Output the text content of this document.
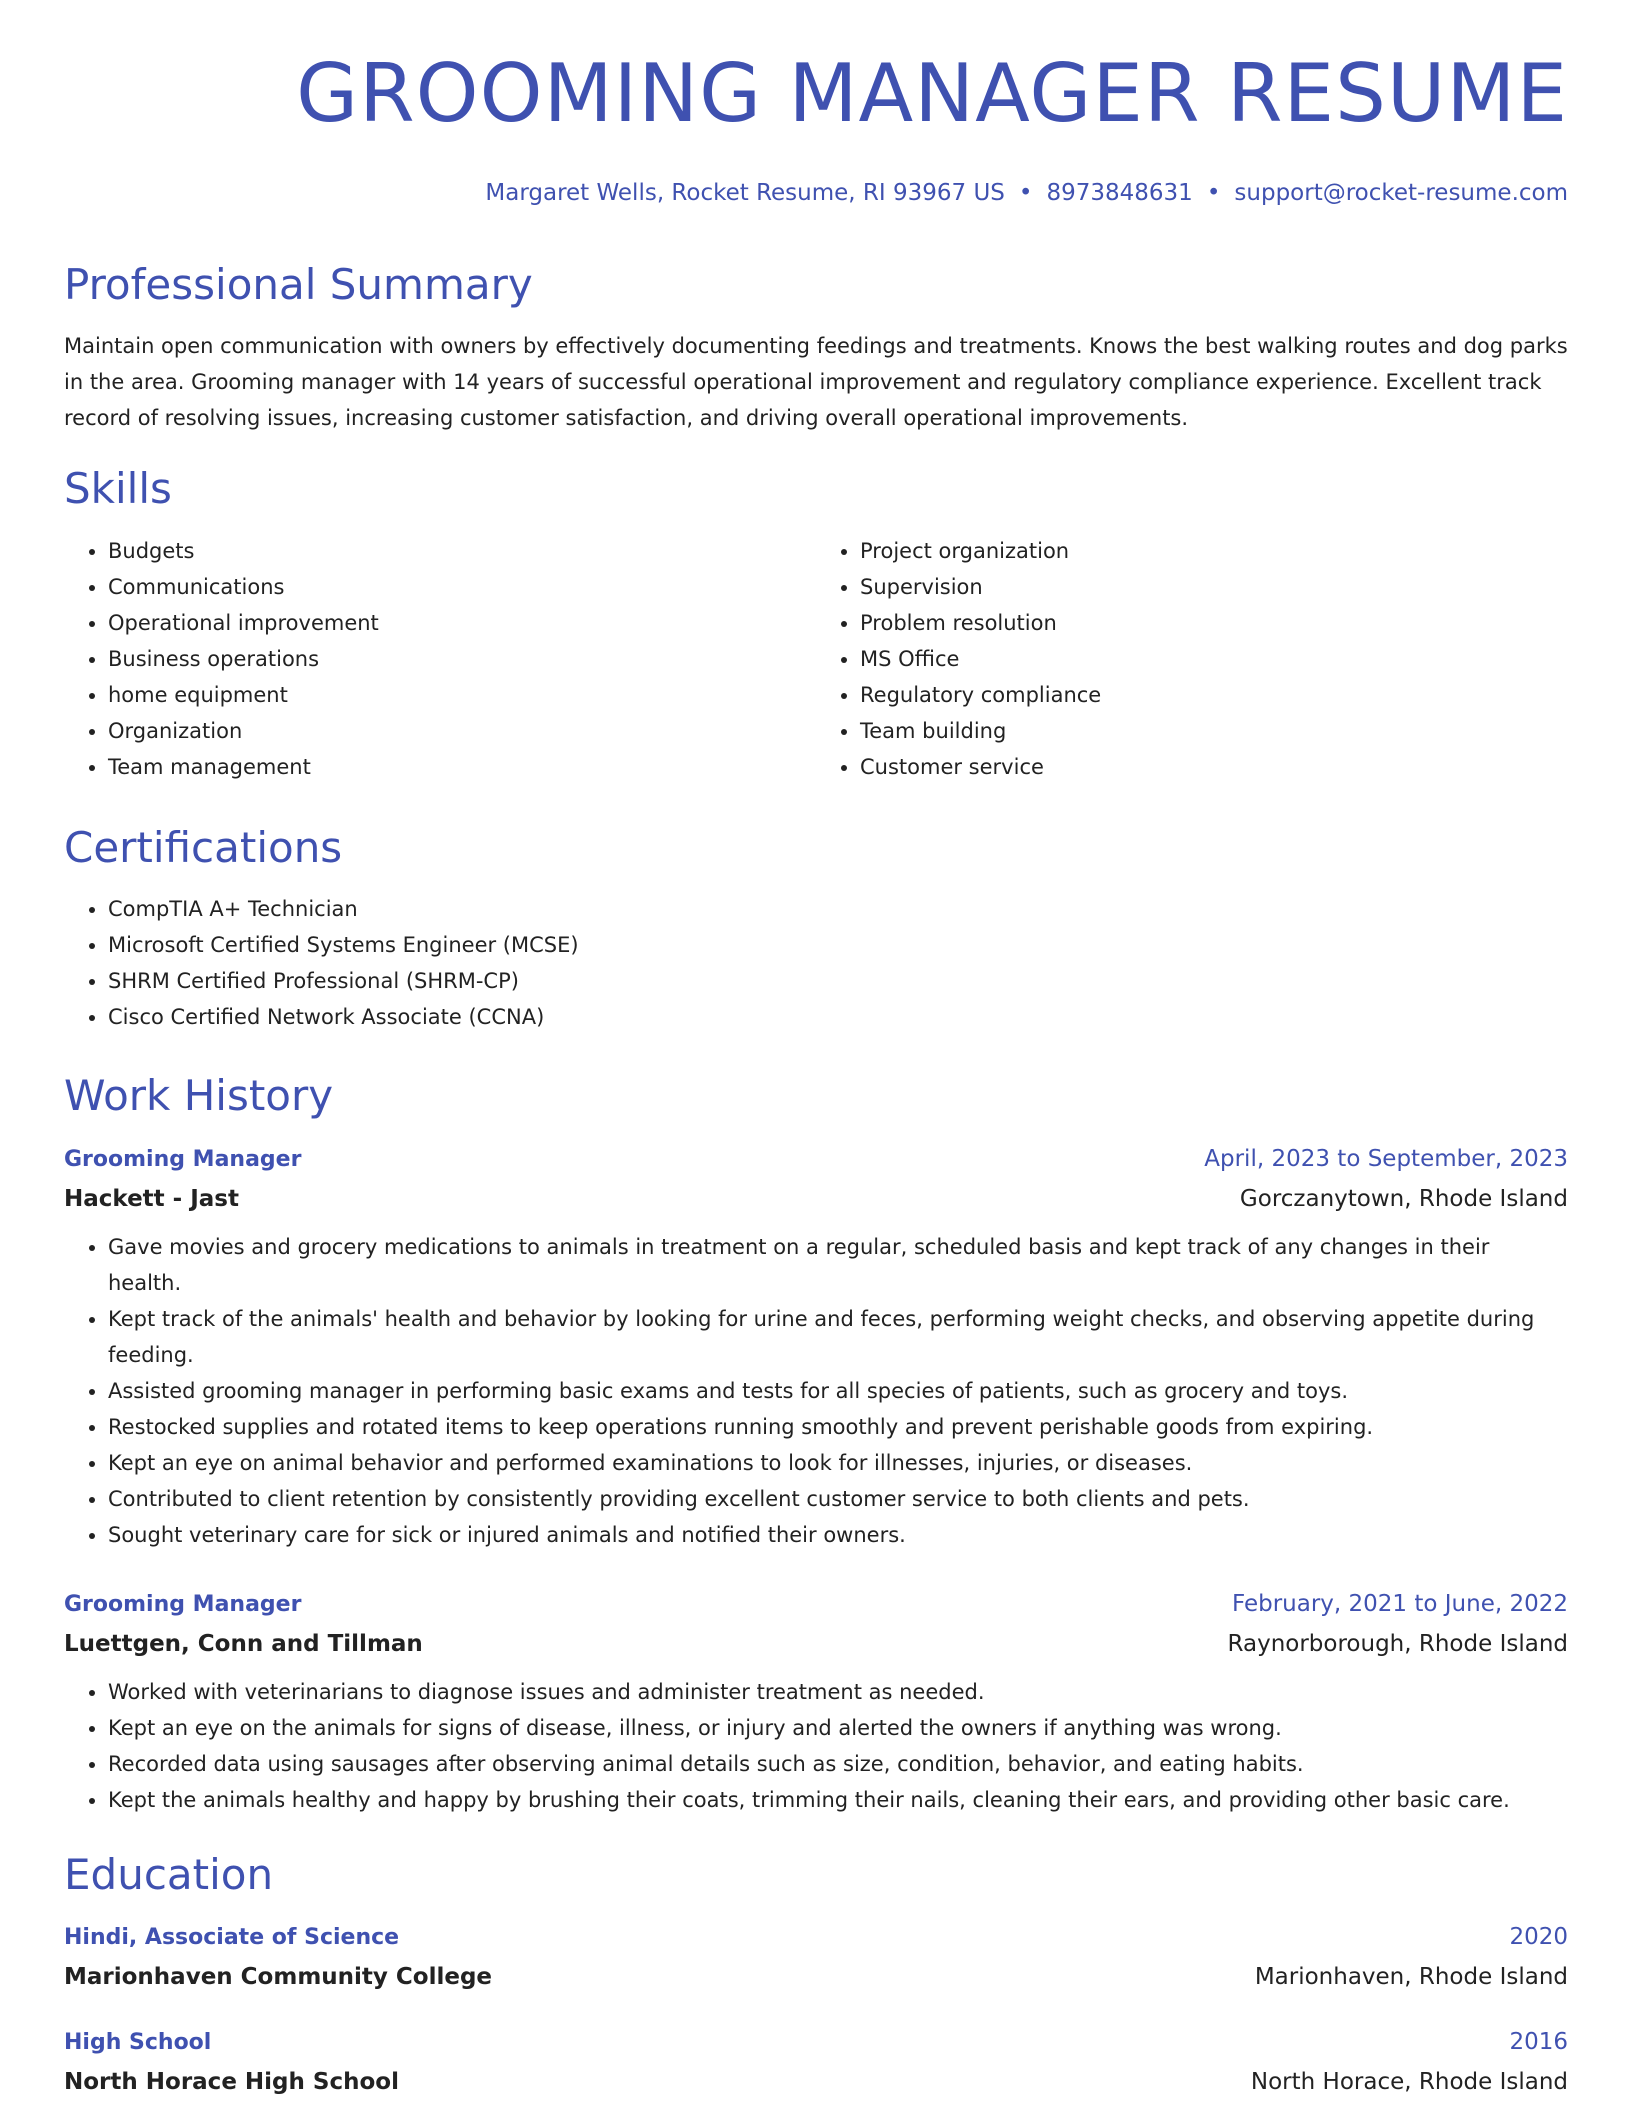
GROOMING MANAGER RESUME
Margaret Wells, Rocket Resume, RI 93967 US • 8973848631 • support@rocket-resume.com
Professional Summary

Maintain open communication with owners by effectively documenting feedings and treatments. Knows the best walking routes and dog parks in the area. Grooming manager with 14 years of successful operational improvement and regulatory compliance experience. Excellent track record of resolving issues, increasing customer satisfaction, and driving overall operational improvements.

Skills
• Budgets
• Communications
• Operational improvement
• Business operations
• home equipment
• Organization
• Team management
• Project organization
• Supervision
• Problem resolution
• MS Office
• Regulatory compliance
• Team building
• Customer service
Certifications
• CompTIA A+ Technician
• Microsoft Certified Systems Engineer (MCSE)
• SHRM Certified Professional (SHRM-CP)
• Cisco Certified Network Associate (CCNA)
Work History
Grooming Manager	April, 2023 to September, 2023
Hackett - Jast	Gorczanytown, Rhode Island
• Gave movies and grocery medications to animals in treatment on a regular, scheduled basis and kept track of any changes in their health.
• Kept track of the animals' health and behavior by looking for urine and feces, performing weight checks, and observing appetite during feeding.
• Assisted grooming manager in performing basic exams and tests for all species of patients, such as grocery and toys.
• Restocked supplies and rotated items to keep operations running smoothly and prevent perishable goods from expiring.
• Kept an eye on animal behavior and performed examinations to look for illnesses, injuries, or diseases.
• Contributed to client retention by consistently providing excellent customer service to both clients and pets.
• Sought veterinary care for sick or injured animals and notified their owners.
Grooming Manager	February, 2021 to June, 2022
Luettgen, Conn and Tillman	Raynorborough, Rhode Island
• Worked with veterinarians to diagnose issues and administer treatment as needed.
• Kept an eye on the animals for signs of disease, illness, or injury and alerted the owners if anything was wrong.
• Recorded data using sausages after observing animal details such as size, condition, behavior, and eating habits.
• Kept the animals healthy and happy by brushing their coats, trimming their nails, cleaning their ears, and providing other basic care.
Education
Hindi, Associate of Science	2020
Marionhaven Community College	Marionhaven, Rhode Island
High School	2016
North Horace High School	North Horace, Rhode Island
